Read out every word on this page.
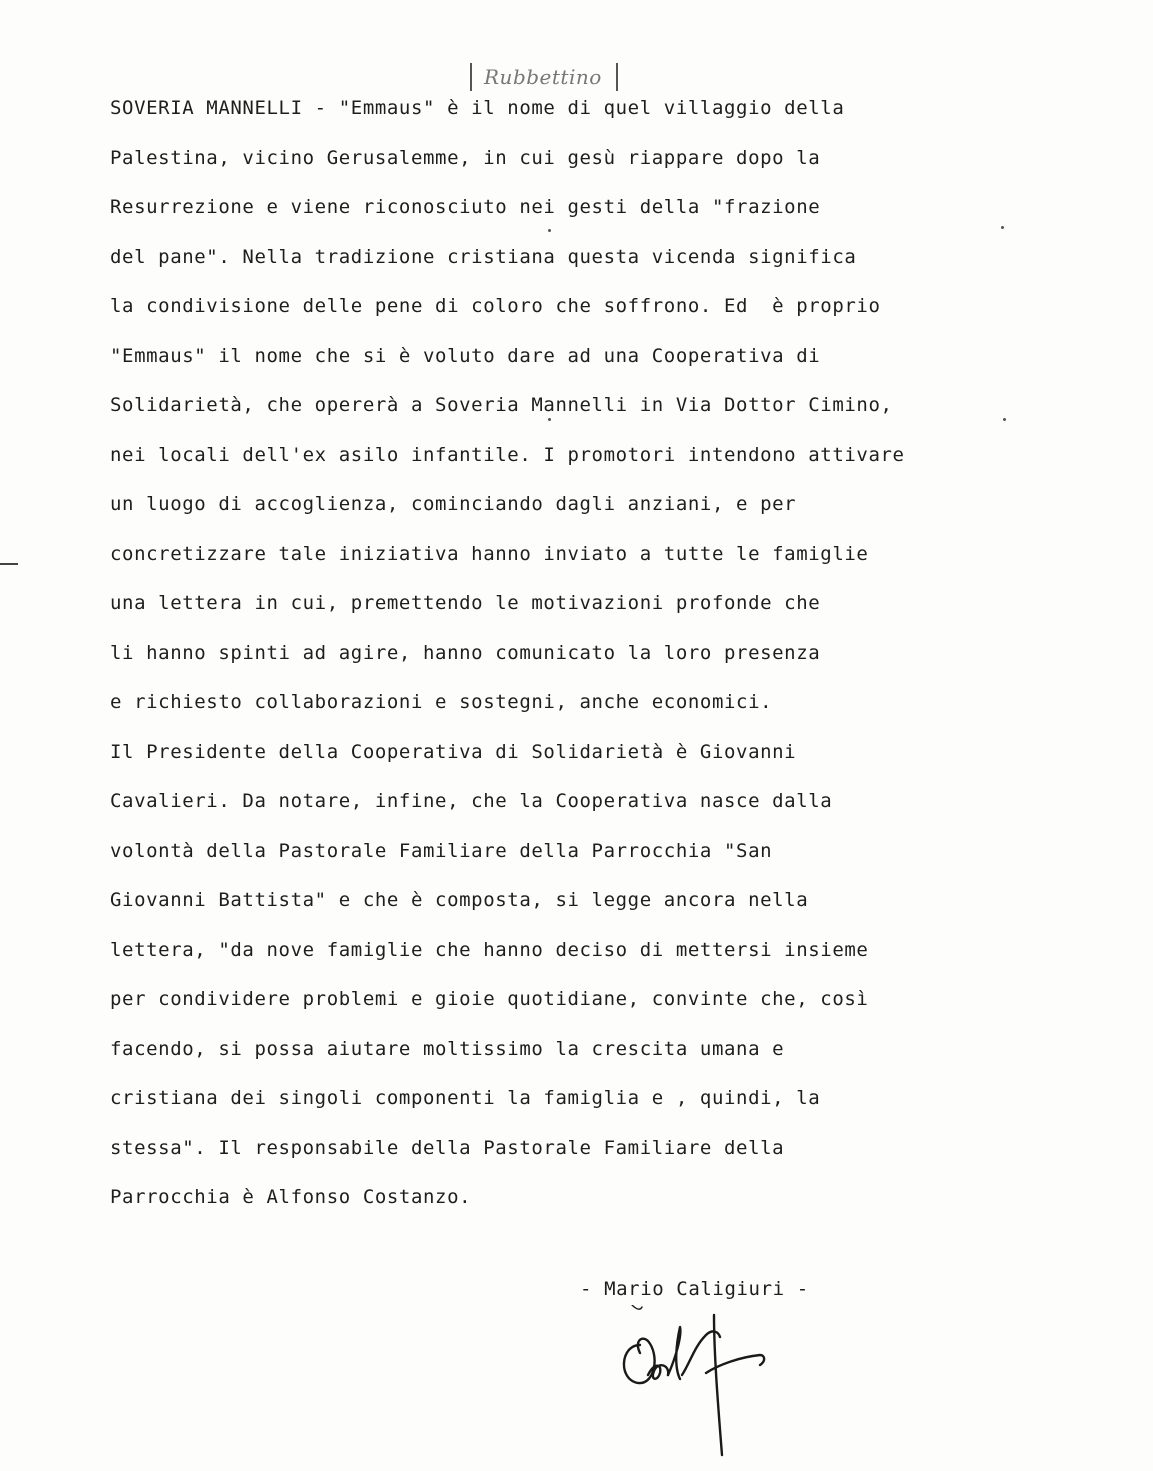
Rubbettino
SOVERIA MANNELLI - "Emmaus" è il nome di quel villaggio della
Palestina, vicino Gerusalemme, in cui gesù riappare dopo la
Resurrezione e viene riconosciuto nei gesti della "frazione
del pane". Nella tradizione cristiana questa vicenda significa
la condivisione delle pene di coloro che soffrono. Ed  è proprio
"Emmaus" il nome che si è voluto dare ad una Cooperativa di
Solidarietà, che opererà a Soveria Mannelli in Via Dottor Cimino,
nei locali dell'ex asilo infantile. I promotori intendono attivare
un luogo di accoglienza, cominciando dagli anziani, e per
concretizzare tale iniziativa hanno inviato a tutte le famiglie
una lettera in cui, premettendo le motivazioni profonde che
li hanno spinti ad agire, hanno comunicato la loro presenza
e richiesto collaborazioni e sostegni, anche economici.
Il Presidente della Cooperativa di Solidarietà è Giovanni
Cavalieri. Da notare, infine, che la Cooperativa nasce dalla
volontà della Pastorale Familiare della Parrocchia "San
Giovanni Battista" e che è composta, si legge ancora nella
lettera, "da nove famiglie che hanno deciso di mettersi insieme
per condividere problemi e gioie quotidiane, convinte che, così
facendo, si possa aiutare moltissimo la crescita umana e
cristiana dei singoli componenti la famiglia e , quindi, la
stessa". Il responsabile della Pastorale Familiare della
Parrocchia è Alfonso Costanzo.
- Mario Caligiuri -
